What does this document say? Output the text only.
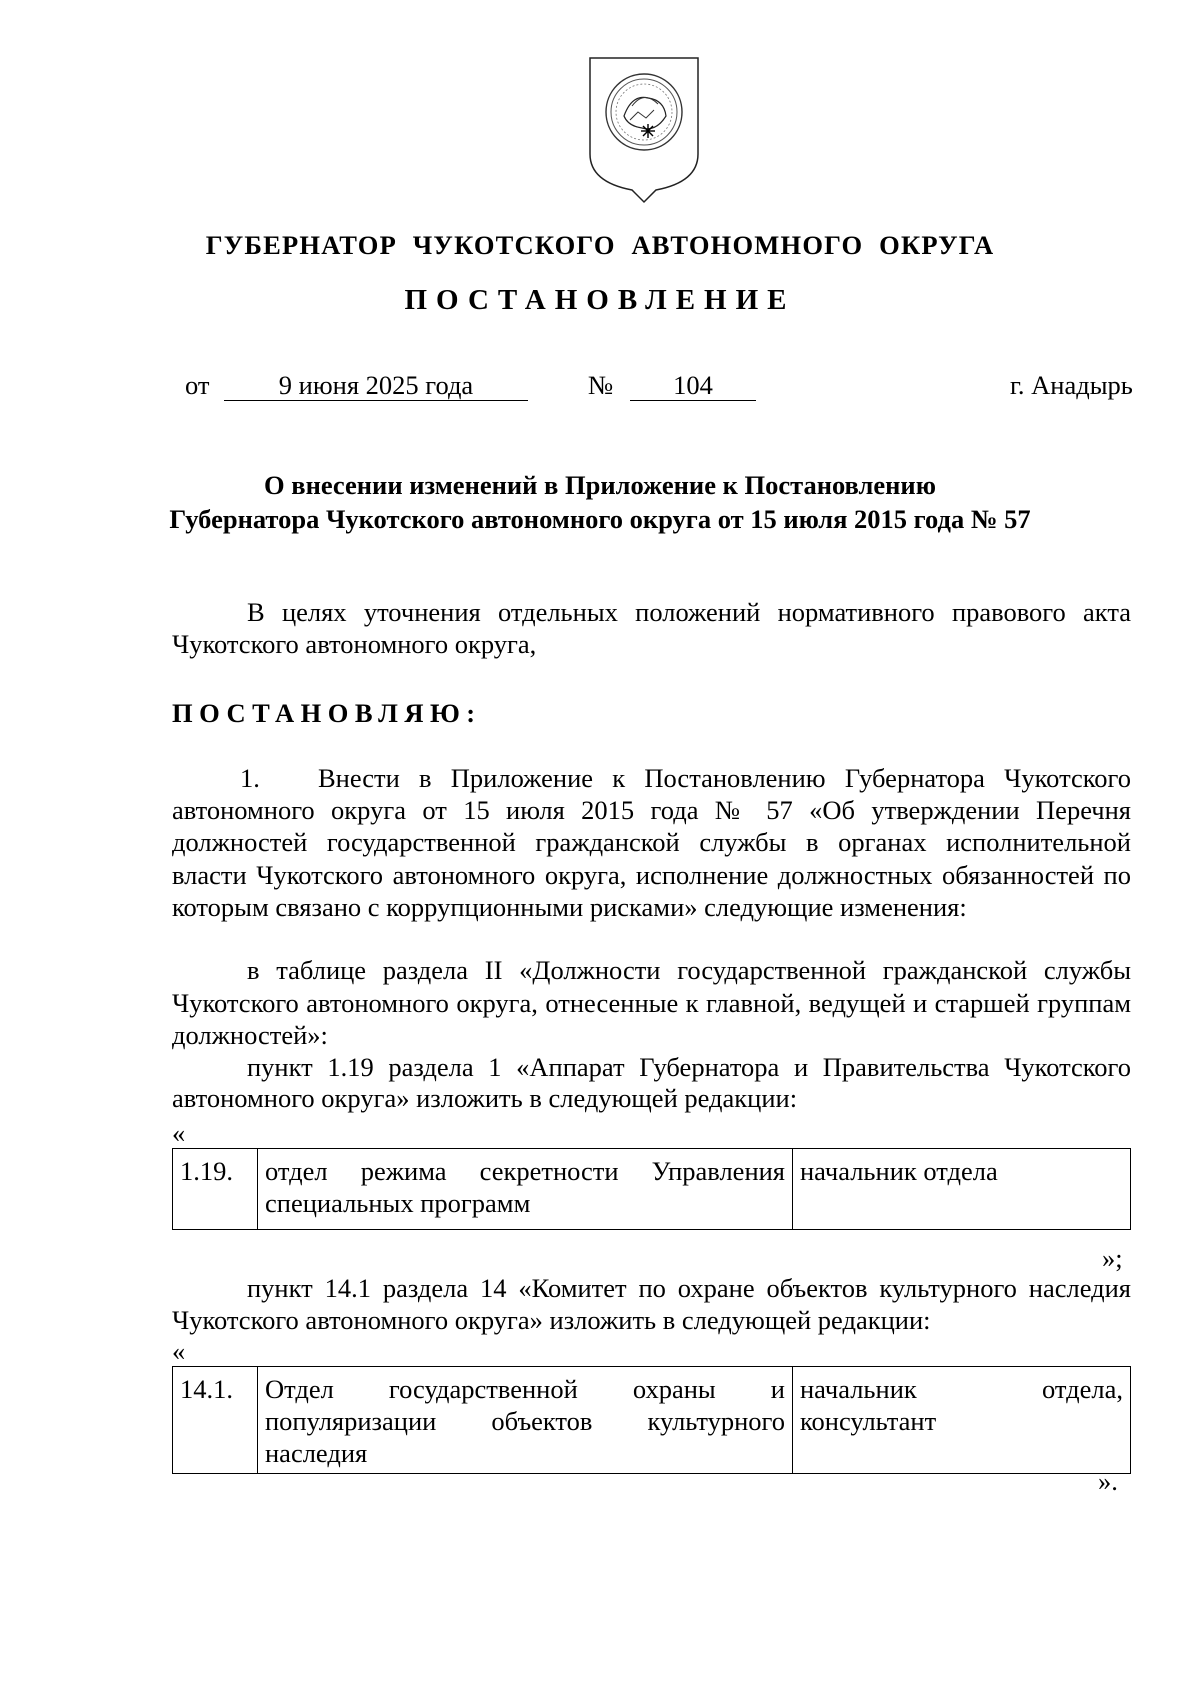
ГУБЕРНАТОР ЧУКОТСКОГО АВТОНОМНОГО ОКРУГА
ПОСТАНОВЛЕНИЕ
от	9 июня 2025 года	№	104	г. Анадырь
О внесении изменений в Приложение к Постановлению
Губернатора Чукотского автономного округа от 15 июля 2015 года № 57
В целях уточнения отдельных положений нормативного правового акта Чукотского автономного округа,
ПОСТАНОВЛЯЮ:
1. Внести в Приложение к Постановлению Губернатора Чукотского автономного округа от 15 июля 2015 года № 57 «Об утверждении Перечня должностей государственной гражданской службы в органах исполнительной власти Чукотского автономного округа, исполнение должностных обязанностей по которым связано с коррупционными рисками» следующие изменения:
в таблице раздела II «Должности государственной гражданской службы Чукотского автономного округа, отнесенные к главной, ведущей и старшей группам должностей»:
пункт 1.19 раздела 1 «Аппарат Губернатора и Правительства Чукотского автономного округа» изложить в следующей редакции:
«
1.19.	отдел режима секретности Управления специальных программ	начальник отдела
»;
пункт 14.1 раздела 14 «Комитет по охране объектов культурного наследия Чукотского автономного округа» изложить в следующей редакции:
«
14.1.	Отдел государственной охраны и популяризации объектов культурного наследия	начальник отдела, консультант
».
